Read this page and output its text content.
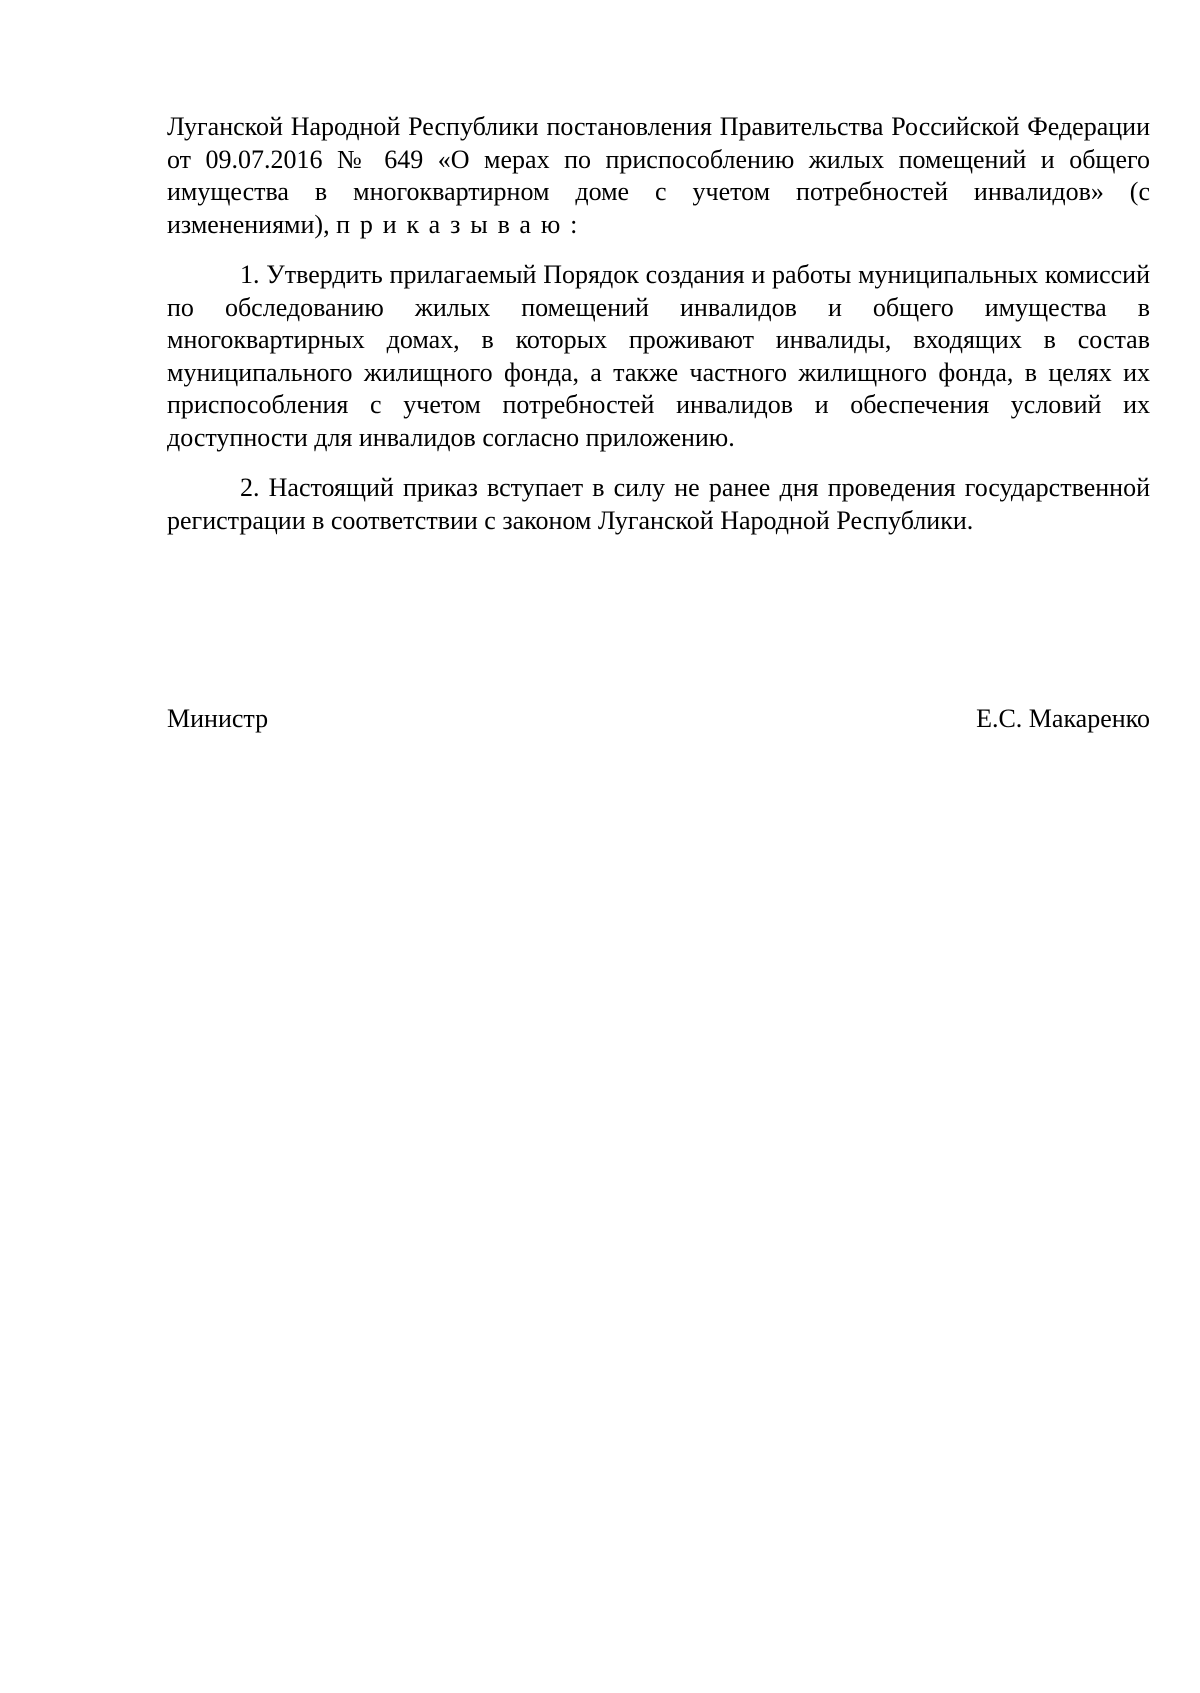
Луганской Народной Республики постановления Правительства Российской Федерации от 09.07.2016 № 649 «О мерах по приспособлению жилых помещений и общего имущества в многоквартирном доме с учетом потребностей инвалидов» (с изменениями), приказываю:

1. Утвердить прилагаемый Порядок создания и работы муниципальных комиссий по обследованию жилых помещений инвалидов и общего имущества в многоквартирных домах, в которых проживают инвалиды, входящих в состав муниципального жилищного фонда, а также частного жилищного фонда, в целях их приспособления с учетом потребностей инвалидов и обеспечения условий их доступности для инвалидов согласно приложению.

2. Настоящий приказ вступает в силу не ранее дня проведения государственной регистрации в соответствии с законом Луганской Народной Республики.

Министр	Е.С. Макаренко
